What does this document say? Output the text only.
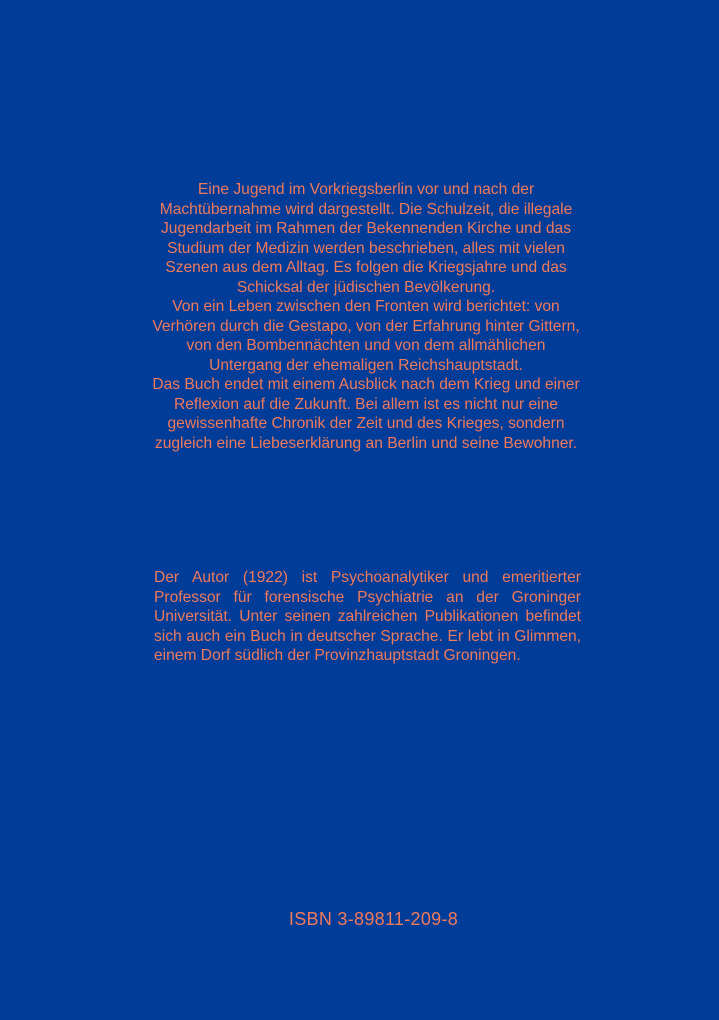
Eine Jugend im Vorkriegsberlin vor und nach der Machtübernahme wird dargestellt. Die Schulzeit, die illegale Jugendarbeit im Rahmen der Bekennenden Kirche und das Studium der Medizin werden beschrieben, alles mit vielen Szenen aus dem Alltag. Es folgen die Kriegsjahre und das Schicksal der jüdischen Bevölkerung.

Von ein Leben zwischen den Fronten wird berichtet: von Verhören durch die Gestapo, von der Erfahrung hinter Gittern, von den Bombennächten und von dem allmählichen Untergang der ehemaligen Reichshauptstadt.

Das Buch endet mit einem Ausblick nach dem Krieg und einer Reflexion auf die Zukunft. Bei allem ist es nicht nur eine gewissenhafte Chronik der Zeit und des Krieges, sondern zugleich eine Liebeserklärung an Berlin und seine Bewohner.

Der Autor (1922) ist Psychoanalytiker und emeritierter Professor für forensische Psychiatrie an der Groninger Universität. Unter seinen zahlreichen Publikationen befindet sich auch ein Buch in deutscher Sprache. Er lebt in Glimmen, einem Dorf südlich der Provinzhauptstadt Groningen.

ISBN 3-89811-209-8
